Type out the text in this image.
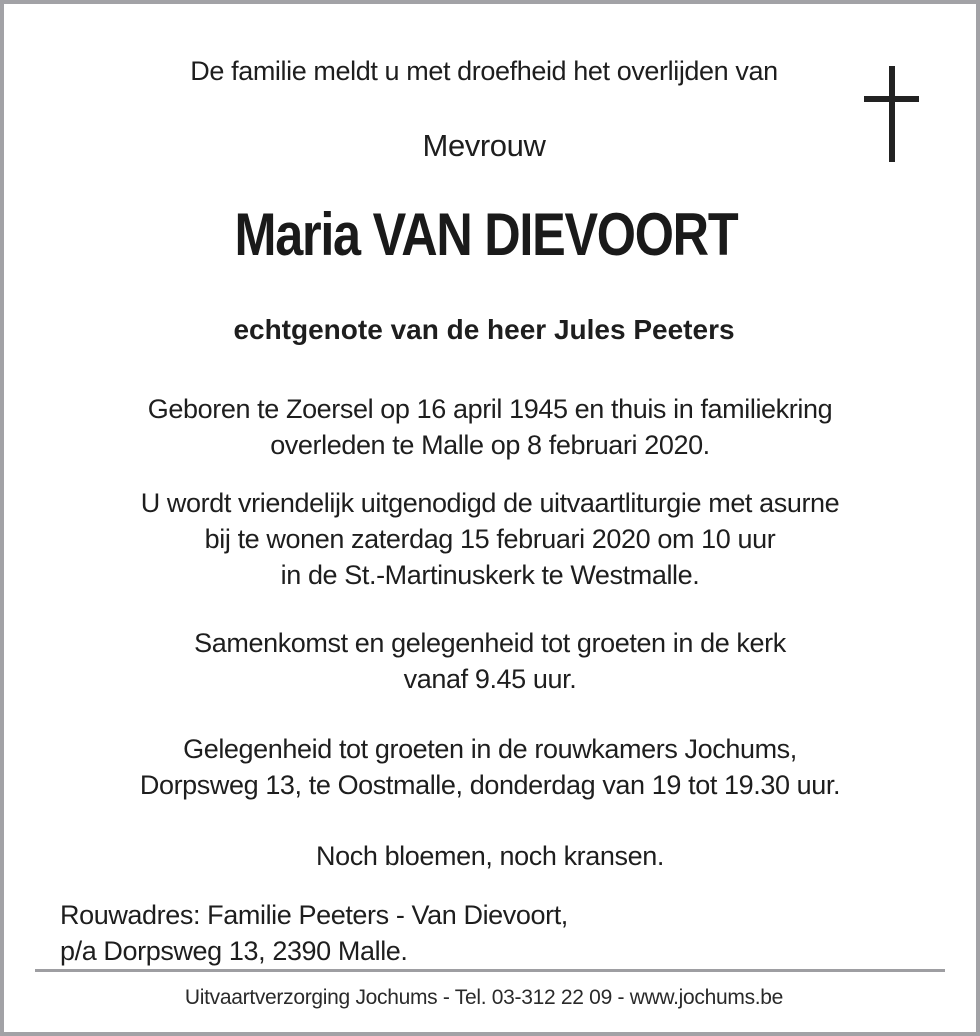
De familie meldt u met droefheid het overlijden van
Mevrouw
Maria VAN DIEVOORT
echtgenote van de heer Jules Peeters
Geboren te Zoersel op 16 april 1945 en thuis in familiekring
overleden te Malle op 8 februari 2020.
U wordt vriendelijk uitgenodigd de uitvaartliturgie met asurne
bij te wonen zaterdag 15 februari 2020 om 10 uur
in de St.-Martinuskerk te Westmalle.
Samenkomst en gelegenheid tot groeten in de kerk
vanaf 9.45 uur.
Gelegenheid tot groeten in de rouwkamers Jochums,
Dorpsweg 13, te Oostmalle, donderdag van 19 tot 19.30 uur.
Noch bloemen, noch kransen.
Rouwadres: Familie Peeters - Van Dievoort,
p/a Dorpsweg 13, 2390 Malle.
Uitvaartverzorging Jochums - Tel. 03-312 22 09 - www.jochums.be
